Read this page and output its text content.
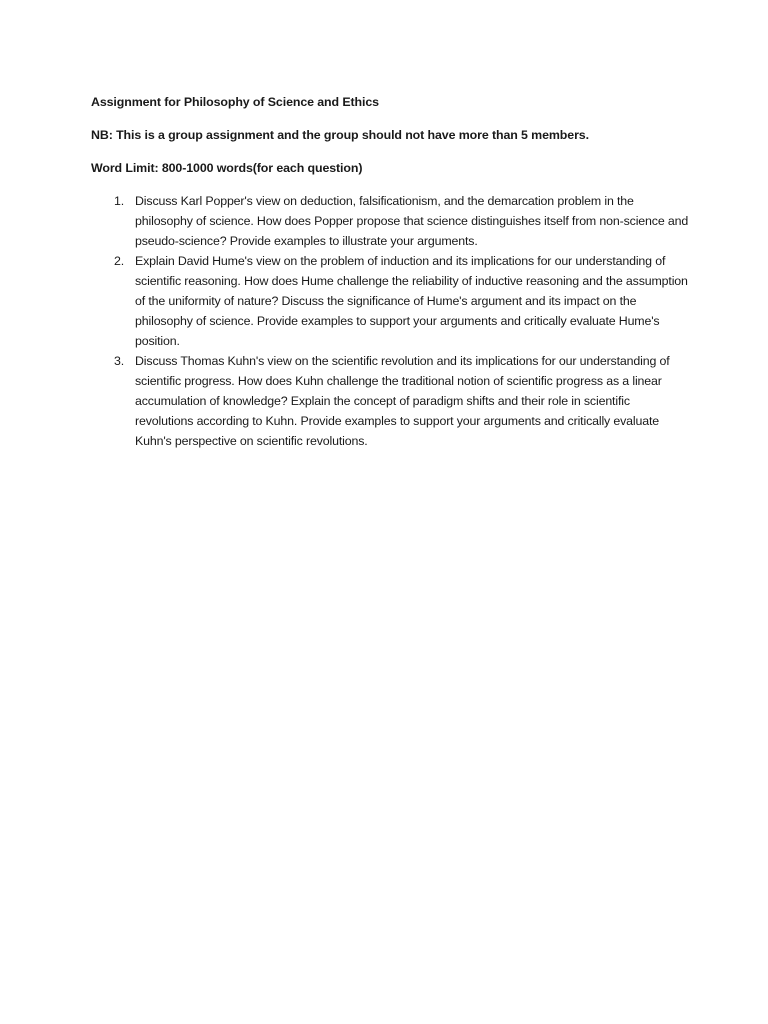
Assignment for Philosophy of Science and Ethics

NB: This is a group assignment and the group should not have more than 5 members.

Word Limit: 800-1000 words(for each question)

1. Discuss Karl Popper's view on deduction, falsificationism, and the demarcation problem in the philosophy of science. How does Popper propose that science distinguishes itself from non-science and pseudo-science? Provide examples to illustrate your arguments.
2. Explain David Hume's view on the problem of induction and its implications for our understanding of scientific reasoning. How does Hume challenge the reliability of inductive reasoning and the assumption of the uniformity of nature? Discuss the significance of Hume's argument and its impact on the philosophy of science. Provide examples to support your arguments and critically evaluate Hume's position.
3. Discuss Thomas Kuhn's view on the scientific revolution and its implications for our understanding of scientific progress. How does Kuhn challenge the traditional notion of scientific progress as a linear accumulation of knowledge? Explain the concept of paradigm shifts and their role in scientific revolutions according to Kuhn. Provide examples to support your arguments and critically evaluate Kuhn's perspective on scientific revolutions.
